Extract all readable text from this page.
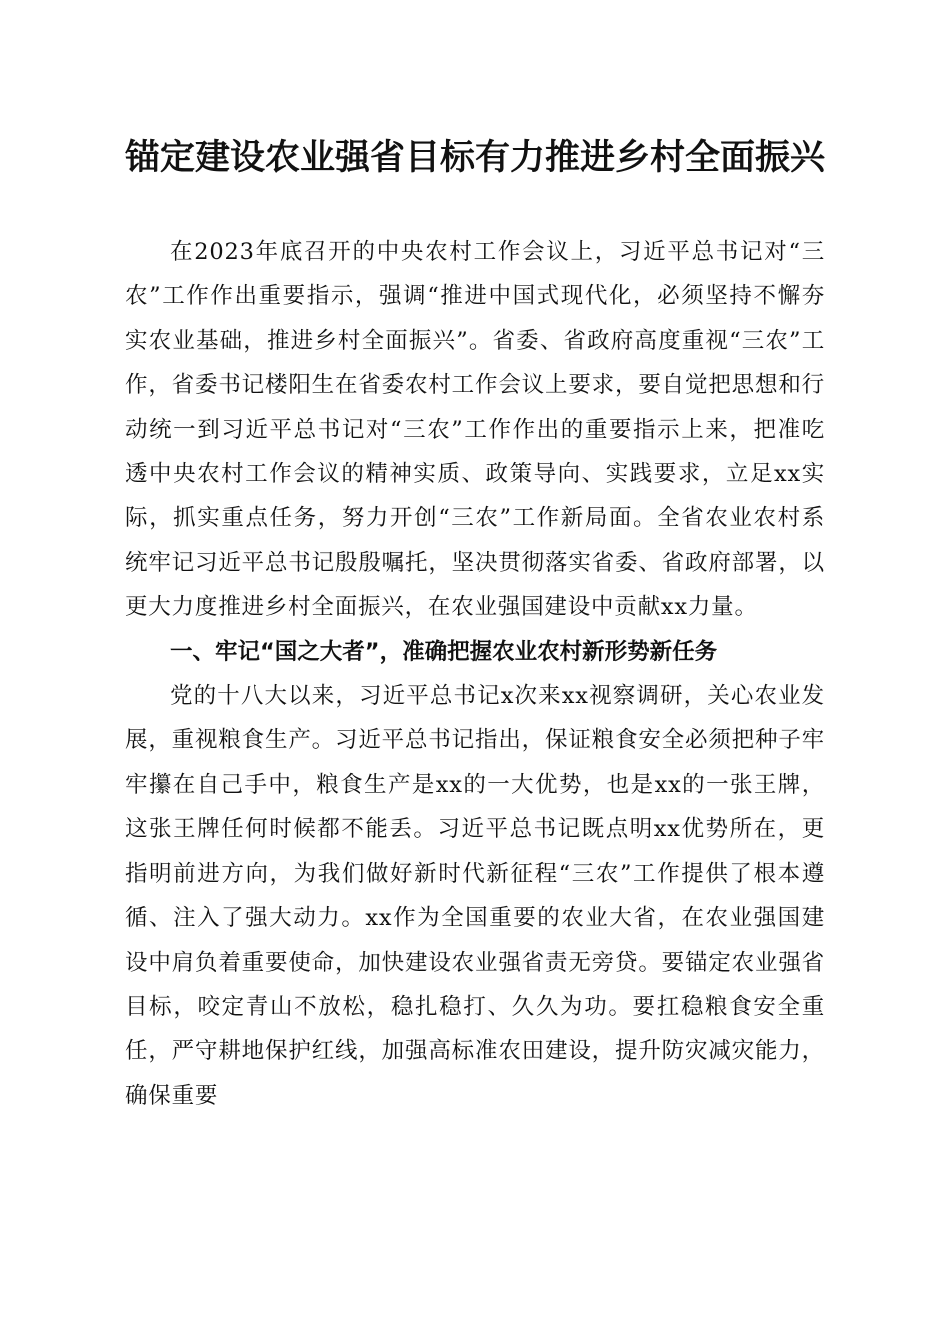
锚定建设农业强省目标有力推进乡村全面振兴

在2023年底召开的中央农村工作会议上，习近平总书记对“三农”工作作出重要指示，强调“推进中国式现代化，必须坚持不懈夯实农业基础，推进乡村全面振兴”。省委、省政府高度重视“三农”工作，省委书记楼阳生在省委农村工作会议上要求，要自觉把思想和行动统一到习近平总书记对“三农”工作作出的重要指示上来，把准吃透中央农村工作会议的精神实质、政策导向、实践要求，立足xx实际，抓实重点任务，努力开创“三农”工作新局面。全省农业农村系统牢记习近平总书记殷殷嘱托，坚决贯彻落实省委、省政府部署，以更大力度推进乡村全面振兴，在农业强国建设中贡献xx力量。

一、牢记“国之大者”，准确把握农业农村新形势新任务

党的十八大以来，习近平总书记x次来xx视察调研，关心农业发展，重视粮食生产。习近平总书记指出，保证粮食安全必须把种子牢牢攥在自己手中，粮食生产是xx的一大优势，也是xx的一张王牌，这张王牌任何时候都不能丢。习近平总书记既点明xx优势所在，更指明前进方向，为我们做好新时代新征程“三农”工作提供了根本遵循、注入了强大动力。xx作为全国重要的农业大省，在农业强国建设中肩负着重要使命，加快建设农业强省责无旁贷。要锚定农业强省目标，咬定青山不放松，稳扎稳打、久久为功。要扛稳粮食安全重任，严守耕地保护红线，加强高标准农田建设，提升防灾减灾能力，确保重要
